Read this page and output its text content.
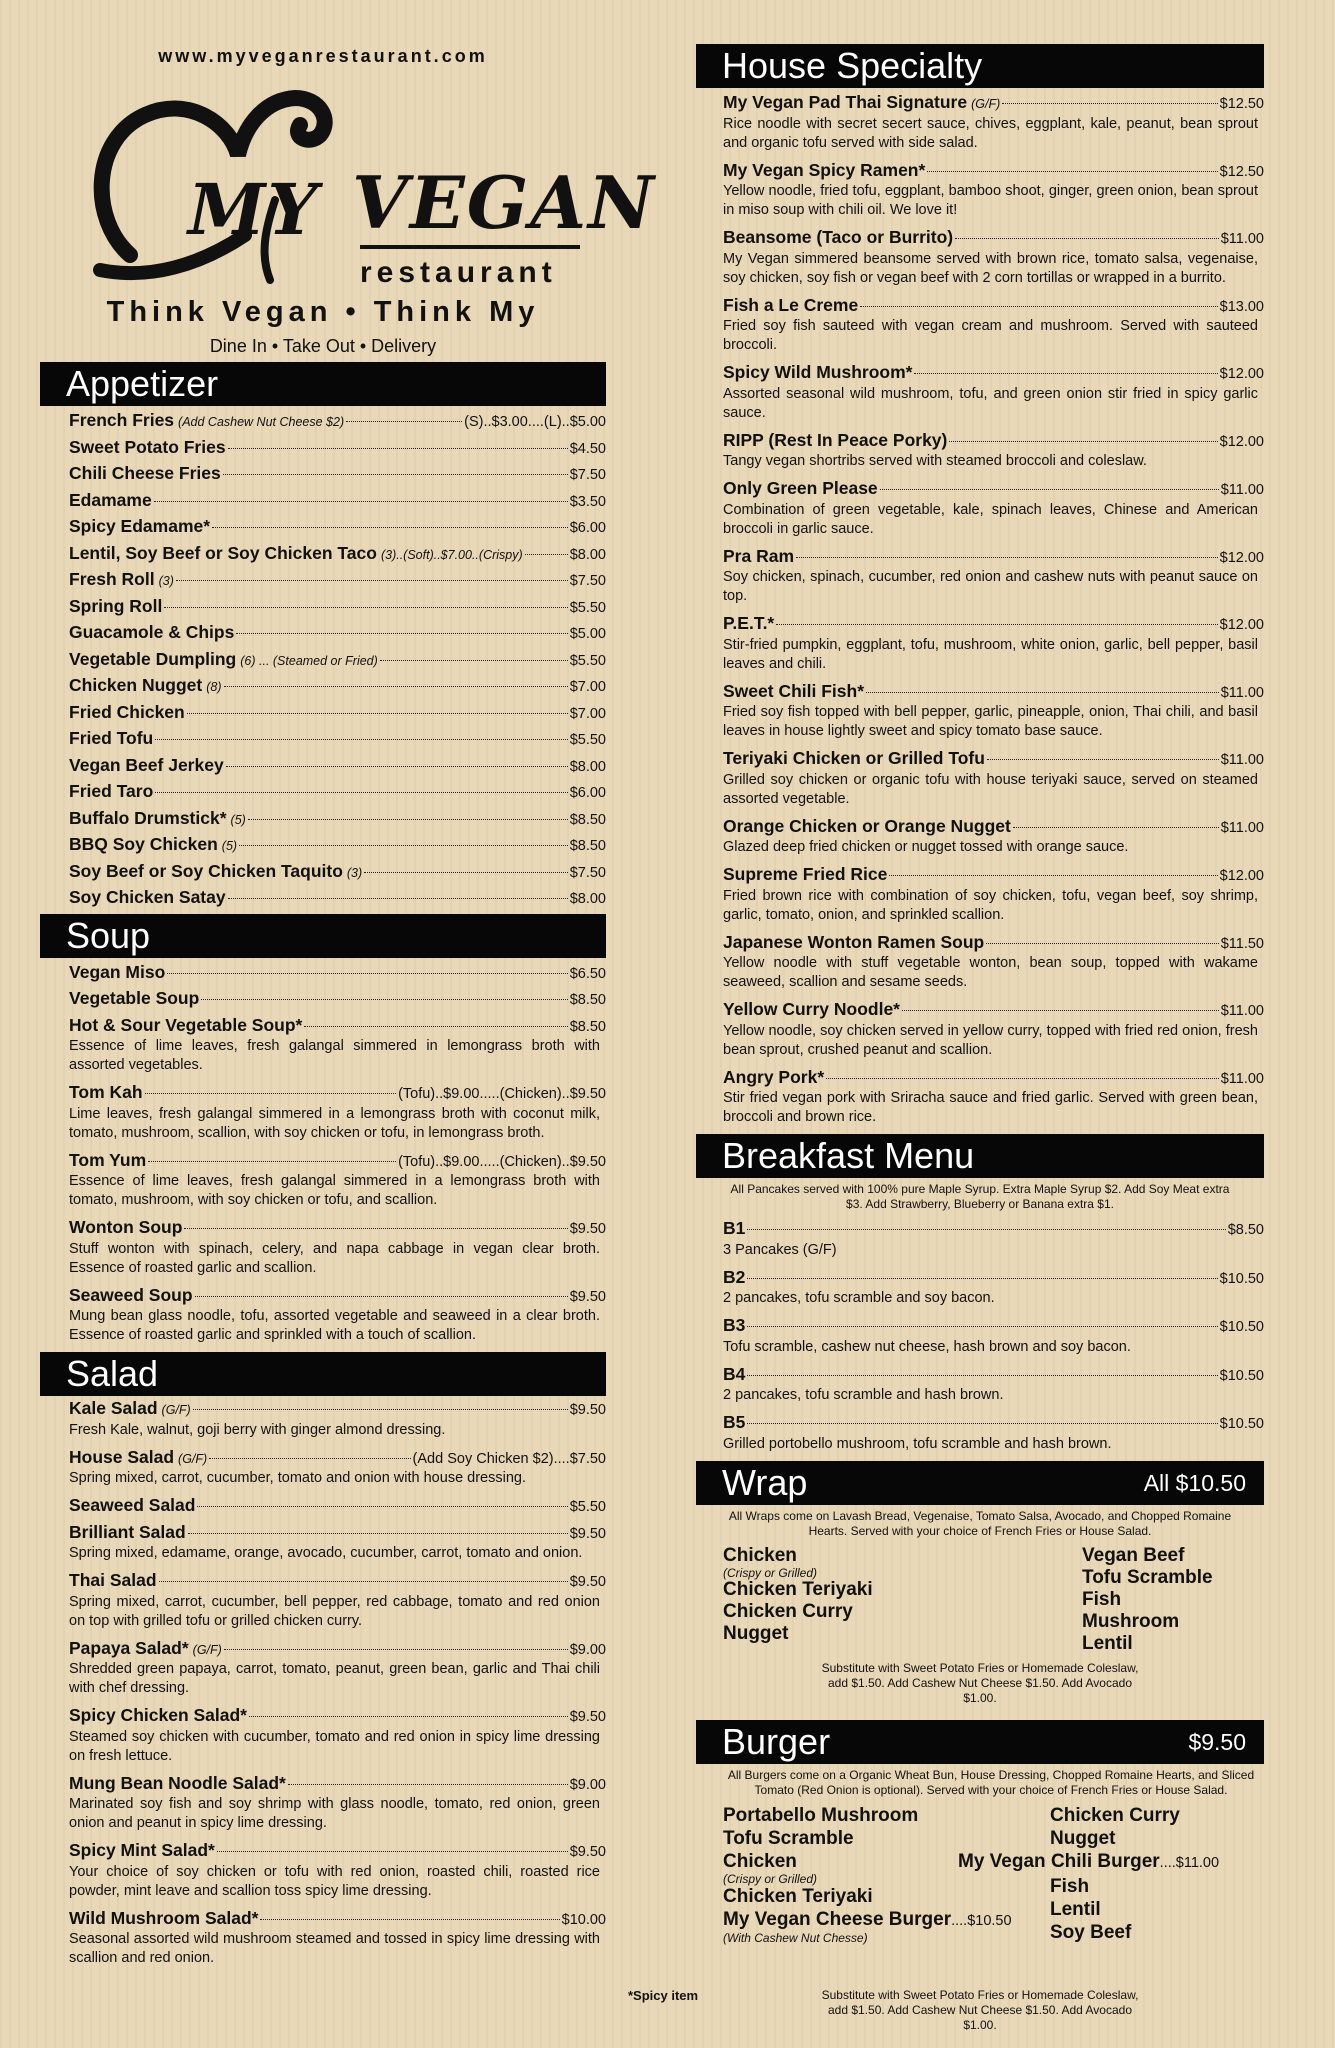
www.myveganrestaurant.com
MY VEGAN
restaurant
Think Vegan • Think My
Dine In • Take Out • Delivery
Appetizer
French Fries (Add Cashew Nut Cheese $2)	(S)..$3.00....(L)..$5.00
Sweet Potato Fries	$4.50
Chili Cheese Fries	$7.50
Edamame	$3.50
Spicy Edamame*	$6.00
Lentil, Soy Beef or Soy Chicken Taco (3)..(Soft)..$7.00..(Crispy)	$8.00
Fresh Roll (3)	$7.50
Spring Roll	$5.50
Guacamole & Chips	$5.00
Vegetable Dumpling (6) ... (Steamed or Fried)	$5.50
Chicken Nugget (8)	$7.00
Fried Chicken	$7.00
Fried Tofu	$5.50
Vegan Beef Jerkey	$8.00
Fried Taro	$6.00
Buffalo Drumstick* (5)	$8.50
BBQ Soy Chicken (5)	$8.50
Soy Beef or Soy Chicken Taquito (3)	$7.50
Soy Chicken Satay	$8.00
Soup
Vegan Miso	$6.50
Vegetable Soup	$8.50
Hot & Sour Vegetable Soup*	$8.50
Essence of lime leaves, fresh galangal simmered in lemongrass broth with assorted vegetables.
Tom Kah	(Tofu)..$9.00.....(Chicken)..$9.50
Lime leaves, fresh galangal simmered in a lemongrass broth with coconut milk, tomato, mushroom, scallion, with soy chicken or tofu, in lemongrass broth.
Tom Yum	(Tofu)..$9.00.....(Chicken)..$9.50
Essence of lime leaves, fresh galangal simmered in a lemongrass broth with tomato, mushroom, with soy chicken or tofu, and scallion.
Wonton Soup	$9.50
Stuff wonton with spinach, celery, and napa cabbage in vegan clear broth. Essence of roasted garlic and scallion.
Seaweed Soup	$9.50
Mung bean glass noodle, tofu, assorted vegetable and seaweed in a clear broth. Essence of roasted garlic and sprinkled with a touch of scallion.
Salad
Kale Salad (G/F)	$9.50
Fresh Kale, walnut, goji berry with ginger almond dressing.
House Salad (G/F)	(Add Soy Chicken $2)....$7.50
Spring mixed, carrot, cucumber, tomato and onion with house dressing.
Seaweed Salad	$5.50
Brilliant Salad	$9.50
Spring mixed, edamame, orange, avocado, cucumber, carrot, tomato and onion.
Thai Salad	$9.50
Spring mixed, carrot, cucumber, bell pepper, red cabbage, tomato and red onion on top with grilled tofu or grilled chicken curry.
Papaya Salad* (G/F)	$9.00
Shredded green papaya, carrot, tomato, peanut, green bean, garlic and Thai chili with chef dressing.
Spicy Chicken Salad*	$9.50
Steamed soy chicken with cucumber, tomato and red onion in spicy lime dressing on fresh lettuce.
Mung Bean Noodle Salad*	$9.00
Marinated soy fish and soy shrimp with glass noodle, tomato, red onion, green onion and peanut in spicy lime dressing.
Spicy Mint Salad*	$9.50
Your choice of soy chicken or tofu with red onion, roasted chili, roasted rice powder, mint leave and scallion toss spicy lime dressing.
Wild Mushroom Salad*	$10.00
Seasonal assorted wild mushroom steamed and tossed in spicy lime dressing with scallion and red onion.
House Specialty
My Vegan Pad Thai Signature (G/F)	$12.50
Rice noodle with secret secert sauce, chives, eggplant, kale, peanut, bean sprout and organic tofu served with side salad.
My Vegan Spicy Ramen*	$12.50
Yellow noodle, fried tofu, eggplant, bamboo shoot, ginger, green onion, bean sprout in miso soup with chili oil. We love it!
Beansome (Taco or Burrito)	$11.00
My Vegan simmered beansome served with brown rice, tomato salsa, vegenaise, soy chicken, soy fish or vegan beef with 2 corn tortillas or wrapped in a burrito.
Fish a Le Creme	$13.00
Fried soy fish sauteed with vegan cream and mushroom. Served with sauteed broccoli.
Spicy Wild Mushroom*	$12.00
Assorted seasonal wild mushroom, tofu, and green onion stir fried in spicy garlic sauce.
RIPP (Rest In Peace Porky)	$12.00
Tangy vegan shortribs served with steamed broccoli and coleslaw.
Only Green Please	$11.00
Combination of green vegetable, kale, spinach leaves, Chinese and American broccoli in garlic sauce.
Pra Ram	$12.00
Soy chicken, spinach, cucumber, red onion and cashew nuts with peanut sauce on top.
P.E.T.*	$12.00
Stir-fried pumpkin, eggplant, tofu, mushroom, white onion, garlic, bell pepper, basil leaves and chili.
Sweet Chili Fish*	$11.00
Fried soy fish topped with bell pepper, garlic, pineapple, onion, Thai chili, and basil leaves in house lightly sweet and spicy tomato base sauce.
Teriyaki Chicken or Grilled Tofu	$11.00
Grilled soy chicken or organic tofu with house teriyaki sauce, served on steamed assorted vegetable.
Orange Chicken or Orange Nugget	$11.00
Glazed deep fried chicken or nugget tossed with orange sauce.
Supreme Fried Rice	$12.00
Fried brown rice with combination of soy chicken, tofu, vegan beef, soy shrimp, garlic, tomato, onion, and sprinkled scallion.
Japanese Wonton Ramen Soup	$11.50
Yellow noodle with stuff vegetable wonton, bean soup, topped with wakame seaweed, scallion and sesame seeds.
Yellow Curry Noodle*	$11.00
Yellow noodle, soy chicken served in yellow curry, topped with fried red onion, fresh bean sprout, crushed peanut and scallion.
Angry Pork*	$11.00
Stir fried vegan pork with Sriracha sauce and fried garlic. Served with green bean, broccoli and brown rice.
Breakfast Menu
All Pancakes served with 100% pure Maple Syrup. Extra Maple Syrup $2. Add Soy Meat extra $3. Add Strawberry, Blueberry or Banana extra $1.
B1	$8.50
3 Pancakes (G/F)
B2	$10.50
2 pancakes, tofu scramble and soy bacon.
B3	$10.50
Tofu scramble, cashew nut cheese, hash brown and soy bacon.
B4	$10.50
2 pancakes, tofu scramble and hash brown.
B5	$10.50
Grilled portobello mushroom, tofu scramble and hash brown.
Wrap	All $10.50
All Wraps come on Lavash Bread, Vegenaise, Tomato Salsa, Avocado, and Chopped Romaine Hearts. Served with your choice of French Fries or House Salad.
Chicken
(Crispy or Grilled)
Chicken Teriyaki
Chicken Curry
Nugget
Vegan Beef
Tofu Scramble
Fish
Mushroom
Lentil
Substitute with Sweet Potato Fries or Homemade Coleslaw, add $1.50. Add Cashew Nut Cheese $1.50. Add Avocado $1.00.
Burger	$9.50
All Burgers come on a Organic Wheat Bun, House Dressing, Chopped Romaine Hearts, and Sliced Tomato (Red Onion is optional). Served with your choice of French Fries or House Salad.
Portabello Mushroom
Tofu Scramble
Chicken
(Crispy or Grilled)
Chicken Teriyaki
My Vegan Cheese Burger....$10.50
(With Cashew Nut Chesse)
Chicken Curry
Nugget
My Vegan Chili Burger....$11.00
Fish
Lentil
Soy Beef
Substitute with Sweet Potato Fries or Homemade Coleslaw, add $1.50. Add Cashew Nut Cheese $1.50. Add Avocado $1.00.
*Spicy item
